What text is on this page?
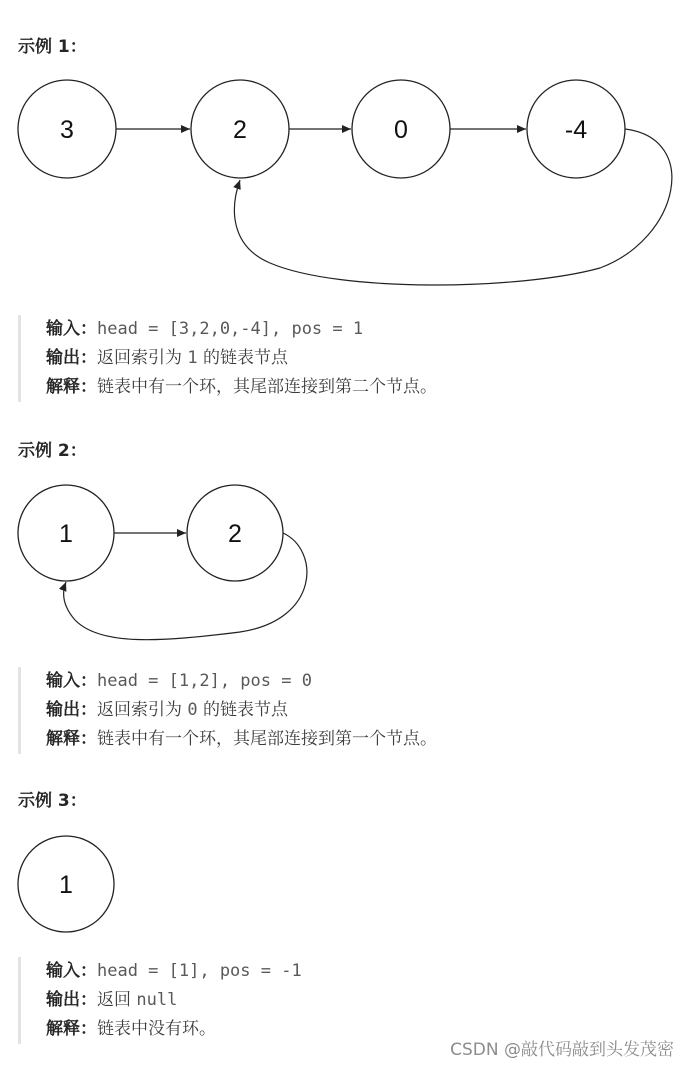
示例 1：
3	2	0	-4
输入：head = [3,2,0,-4], pos = 1
输出：返回索引为 1 的链表节点
解释：链表中有一个环，其尾部连接到第二个节点。
示例 2：
1	2
输入：head = [1,2], pos = 0
输出：返回索引为 0 的链表节点
解释：链表中有一个环，其尾部连接到第一个节点。
示例 3：
1
输入：head = [1], pos = -1
输出：返回 null
解释：链表中没有环。
CSDN @敲代码敲到头发茂密
